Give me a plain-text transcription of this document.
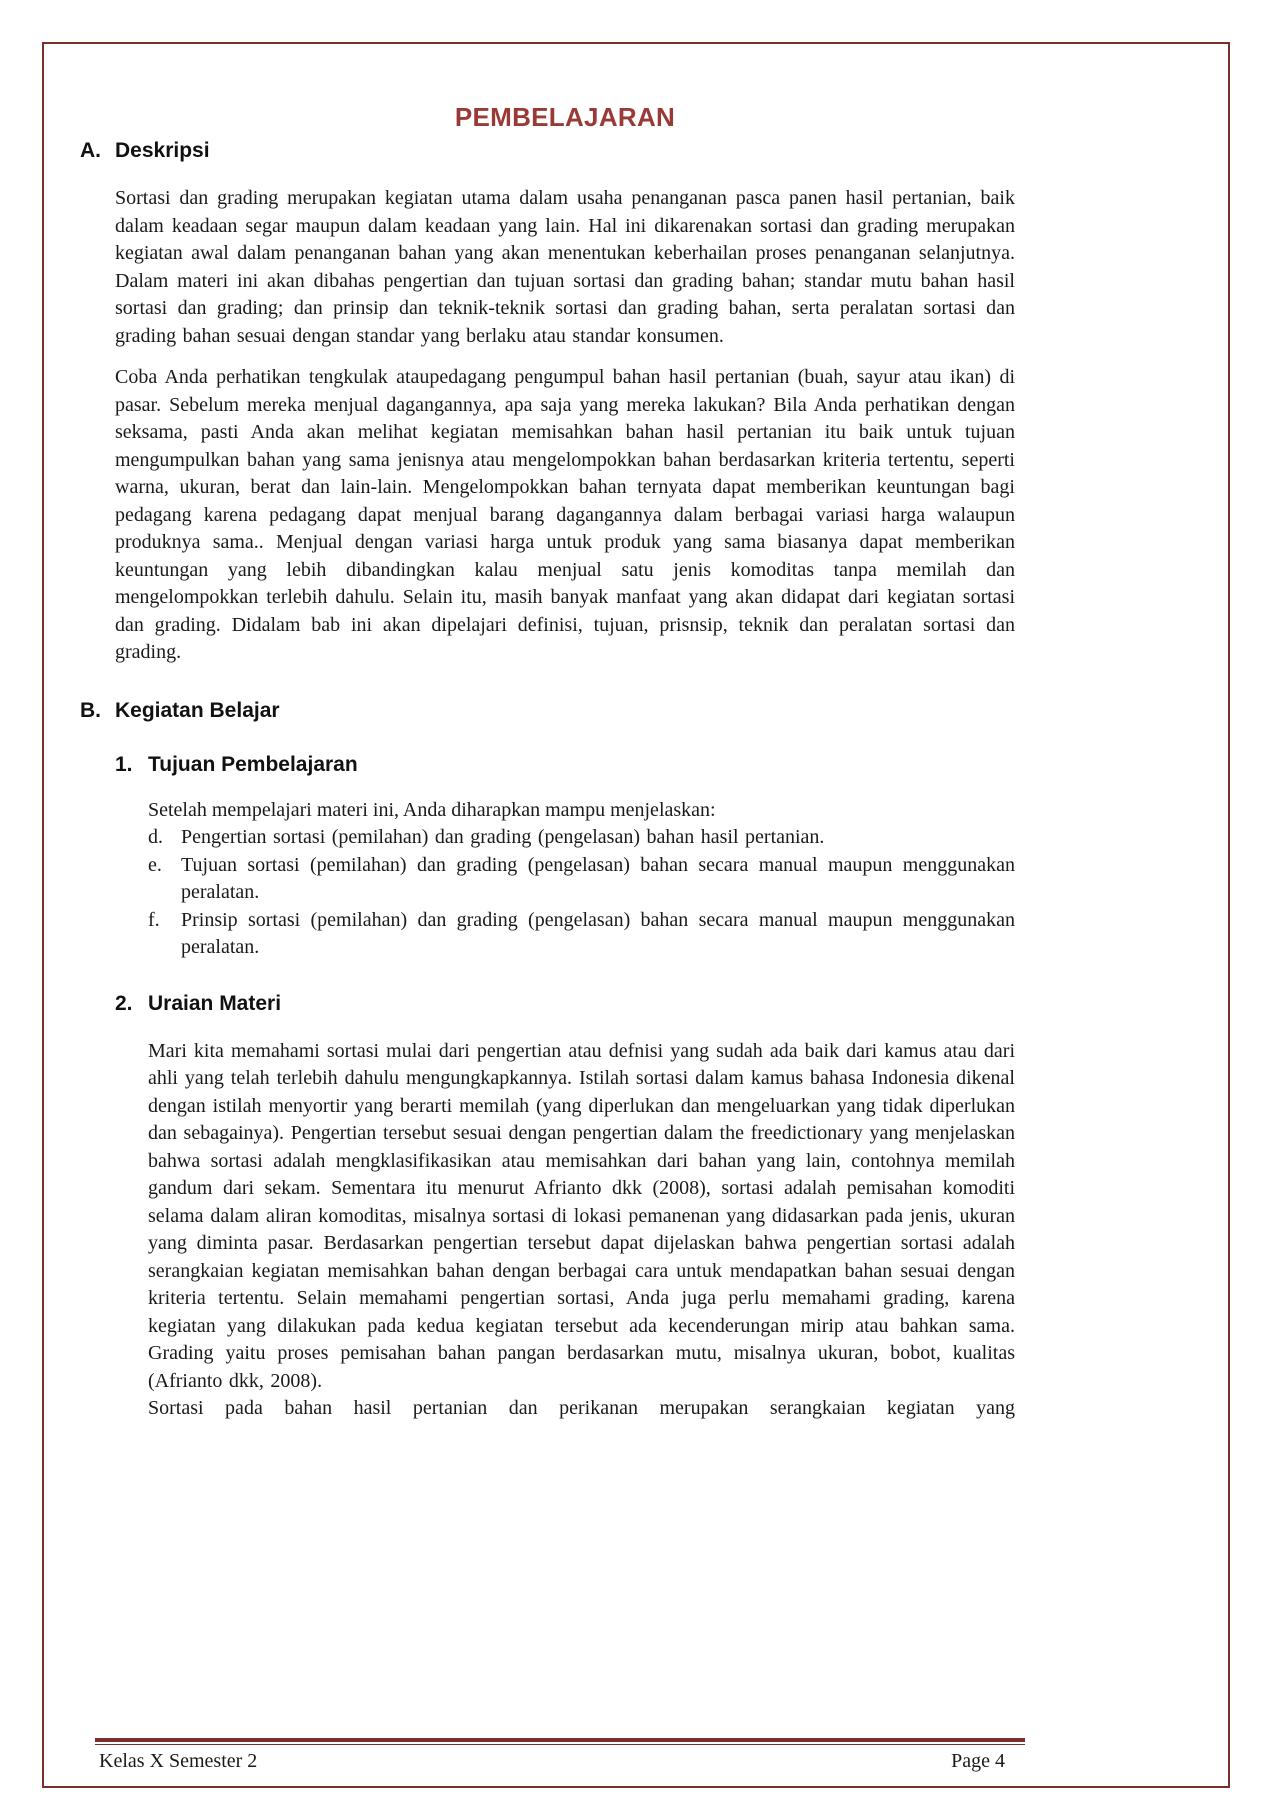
PEMBELAJARAN
A. Deskripsi

Sortasi dan grading merupakan kegiatan utama dalam usaha penanganan pasca panen hasil pertanian, baik dalam keadaan segar maupun dalam keadaan yang lain. Hal ini dikarenakan sortasi dan grading merupakan kegiatan awal dalam penanganan bahan yang akan menentukan keberhailan proses penanganan selanjutnya. Dalam materi ini akan dibahas pengertian dan tujuan sortasi dan grading bahan; standar mutu bahan hasil sortasi dan grading; dan prinsip dan teknik-teknik sortasi dan grading bahan, serta peralatan sortasi dan grading bahan sesuai dengan standar yang berlaku atau standar konsumen.

Coba Anda perhatikan tengkulak ataupedagang pengumpul bahan hasil pertanian (buah, sayur atau ikan) di pasar. Sebelum mereka menjual dagangannya, apa saja yang mereka lakukan? Bila Anda perhatikan dengan seksama, pasti Anda akan melihat kegiatan memisahkan bahan hasil pertanian itu baik untuk tujuan mengumpulkan bahan yang sama jenisnya atau mengelompokkan bahan berdasarkan kriteria tertentu, seperti warna, ukuran, berat dan lain-lain. Mengelompokkan bahan ternyata dapat memberikan keuntungan bagi pedagang karena pedagang dapat menjual barang dagangannya dalam berbagai variasi harga walaupun produknya sama.. Menjual dengan variasi harga untuk produk yang sama biasanya dapat memberikan keuntungan yang lebih dibandingkan kalau menjual satu jenis komoditas tanpa memilah dan mengelompokkan terlebih dahulu. Selain itu, masih banyak manfaat yang akan didapat dari kegiatan sortasi dan grading. Didalam bab ini akan dipelajari definisi, tujuan, prisnsip, teknik dan peralatan sortasi dan grading.

B. Kegiatan Belajar
1. Tujuan Pembelajaran

Setelah mempelajari materi ini, Anda diharapkan mampu menjelaskan:

d. Pengertian sortasi (pemilahan) dan grading (pengelasan) bahan hasil pertanian.
e. Tujuan sortasi (pemilahan) dan grading (pengelasan) bahan secara manual maupun menggunakan peralatan.
f.	Prinsip sortasi (pemilahan) dan grading (pengelasan) bahan secara manual maupun menggunakan peralatan.
2. Uraian Materi

Mari kita memahami sortasi mulai dari pengertian atau defnisi yang sudah ada baik dari kamus atau dari ahli yang telah terlebih dahulu mengungkapkannya. Istilah sortasi dalam kamus bahasa Indonesia dikenal dengan istilah menyortir yang berarti memilah (yang diperlukan dan mengeluarkan yang tidak diperlukan dan sebagainya). Pengertian tersebut sesuai dengan pengertian dalam the freedictionary yang menjelaskan bahwa sortasi adalah mengklasifikasikan atau memisahkan dari bahan yang lain, contohnya memilah gandum dari sekam. Sementara itu menurut Afrianto dkk (2008), sortasi adalah pemisahan komoditi selama dalam aliran komoditas, misalnya sortasi di lokasi pemanenan yang didasarkan pada jenis, ukuran yang diminta pasar. Berdasarkan pengertian tersebut dapat dijelaskan bahwa pengertian sortasi adalah serangkaian kegiatan memisahkan bahan dengan berbagai cara untuk mendapatkan bahan sesuai dengan kriteria tertentu. Selain memahami pengertian sortasi, Anda juga perlu memahami grading, karena kegiatan yang dilakukan pada kedua kegiatan tersebut ada kecenderungan mirip atau bahkan sama. Grading yaitu proses pemisahan bahan pangan berdasarkan mutu, misalnya ukuran, bobot, kualitas (Afrianto dkk, 2008).

Sortasi pada bahan hasil pertanian dan perikanan merupakan serangkaian kegiatan yang

Kelas X Semester 2	Page 4
